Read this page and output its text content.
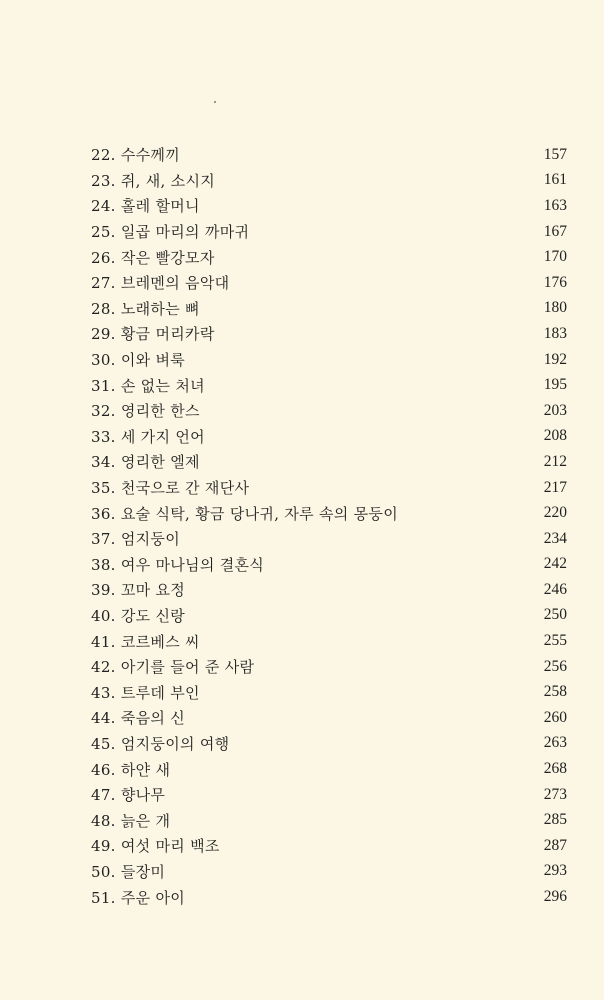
22. 수수께끼	157
23. 쥐, 새, 소시지	161
24. 홀레 할머니	163
25. 일곱 마리의 까마귀	167
26. 작은 빨강모자	170
27. 브레멘의 음악대	176
28. 노래하는 뼈	180
29. 황금 머리카락	183
30. 이와 벼룩	192
31. 손 없는 처녀	195
32. 영리한 한스	203
33. 세 가지 언어	208
34. 영리한 엘제	212
35. 천국으로 간 재단사	217
36. 요술 식탁, 황금 당나귀, 자루 속의 몽둥이	220
37. 엄지둥이	234
38. 여우 마나님의 결혼식	242
39. 꼬마 요정	246
40. 강도 신랑	250
41. 코르베스 씨	255
42. 아기를 들어 준 사람	256
43. 트루데 부인	258
44. 죽음의 신	260
45. 엄지둥이의 여행	263
46. 하얀 새	268
47. 향나무	273
48. 늙은 개	285
49. 여섯 마리 백조	287
50. 들장미	293
51. 주운 아이	296
